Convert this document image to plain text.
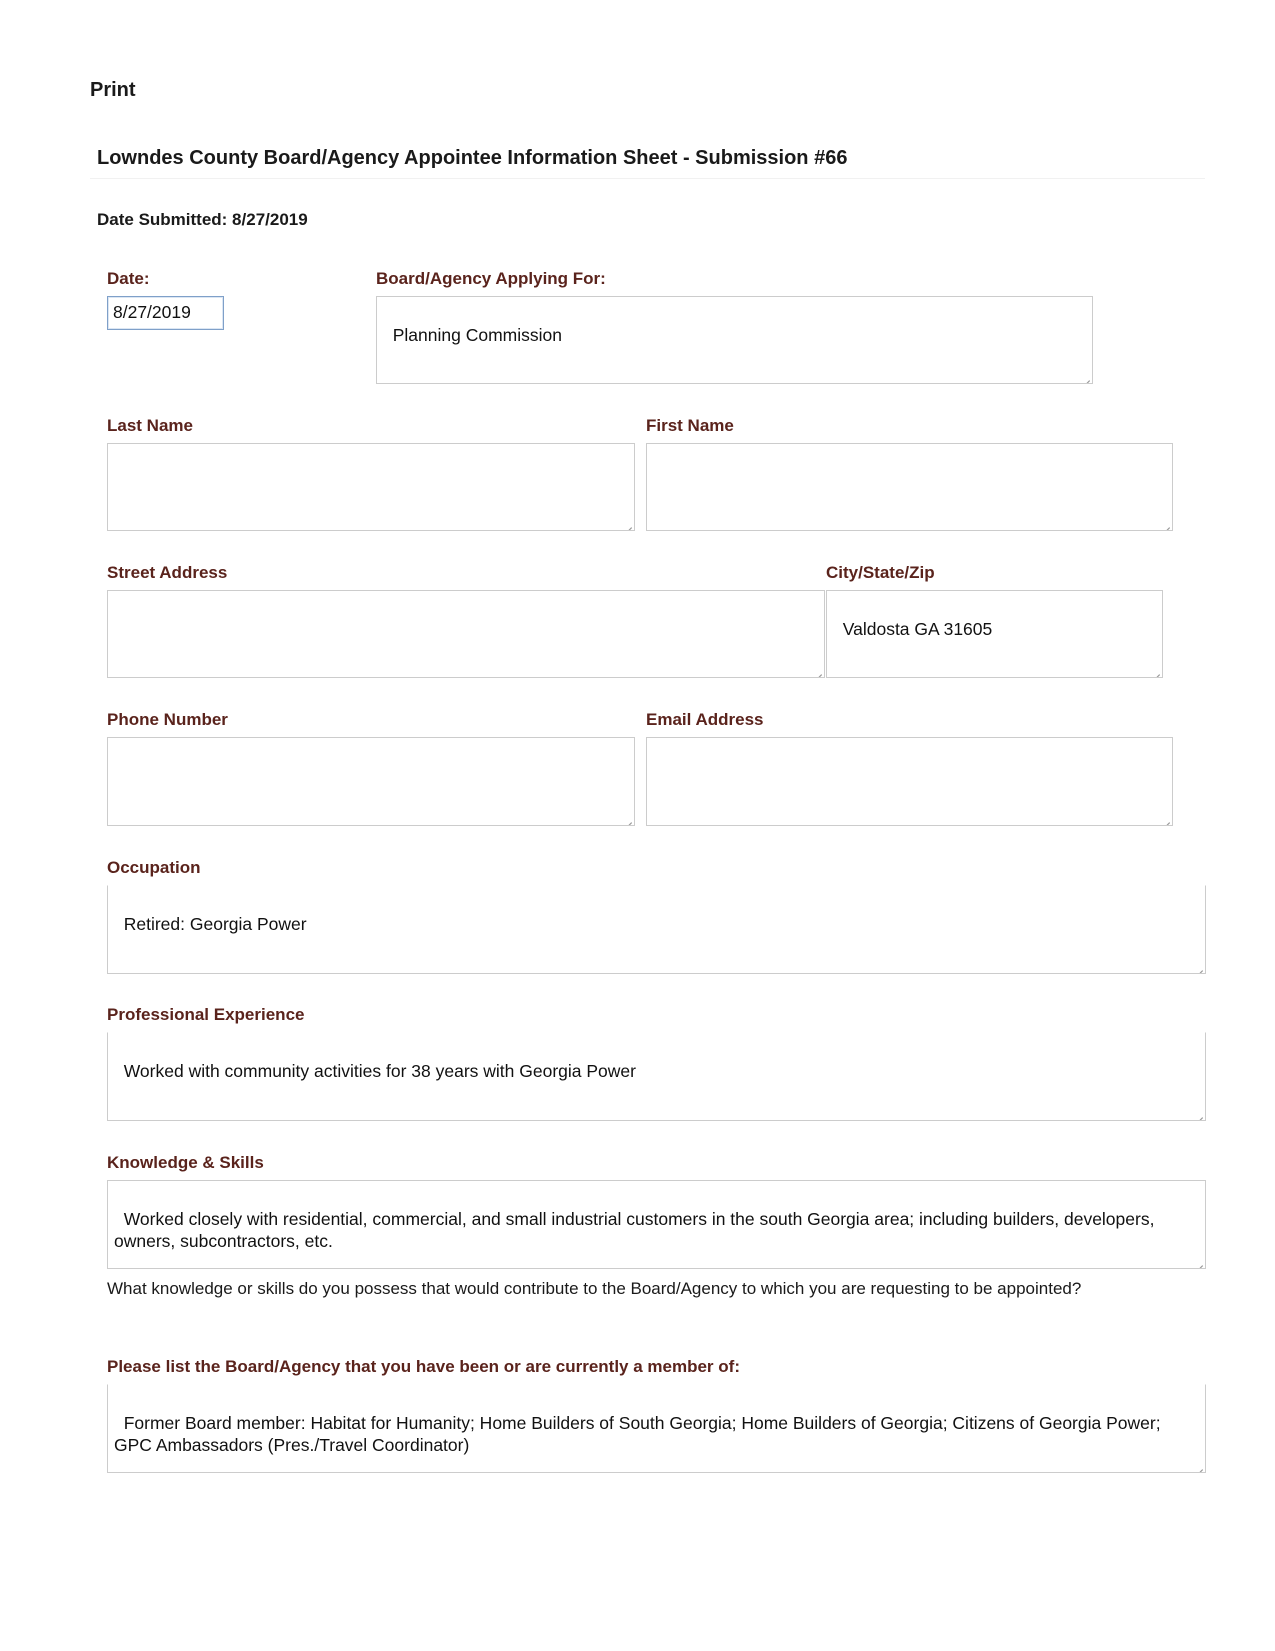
Print
Lowndes County Board/Agency Appointee Information Sheet - Submission #66
Date Submitted: 8/27/2019
Date:
8/27/2019
Board/Agency Applying For:

Planning Commission

Last Name

	First Name

Street Address

	City/State/Zip

Valdosta GA 31605

Phone Number

	Email Address

Occupation

Retired: Georgia Power

Professional Experience

Worked with community activities for 38 years with Georgia Power

Knowledge & Skills

Worked closely with residential, commercial, and small industrial customers in the south Georgia area; including builders, developers, owners, subcontractors, etc.

What knowledge or skills do you possess that would contribute to the Board/Agency to which you are requesting to be appointed?
Please list the Board/Agency that you have been or are currently a member of:

Former Board member: Habitat for Humanity; Home Builders of South Georgia; Home Builders of Georgia; Citizens of Georgia Power; GPC Ambassadors (Pres./Travel Coordinator)
